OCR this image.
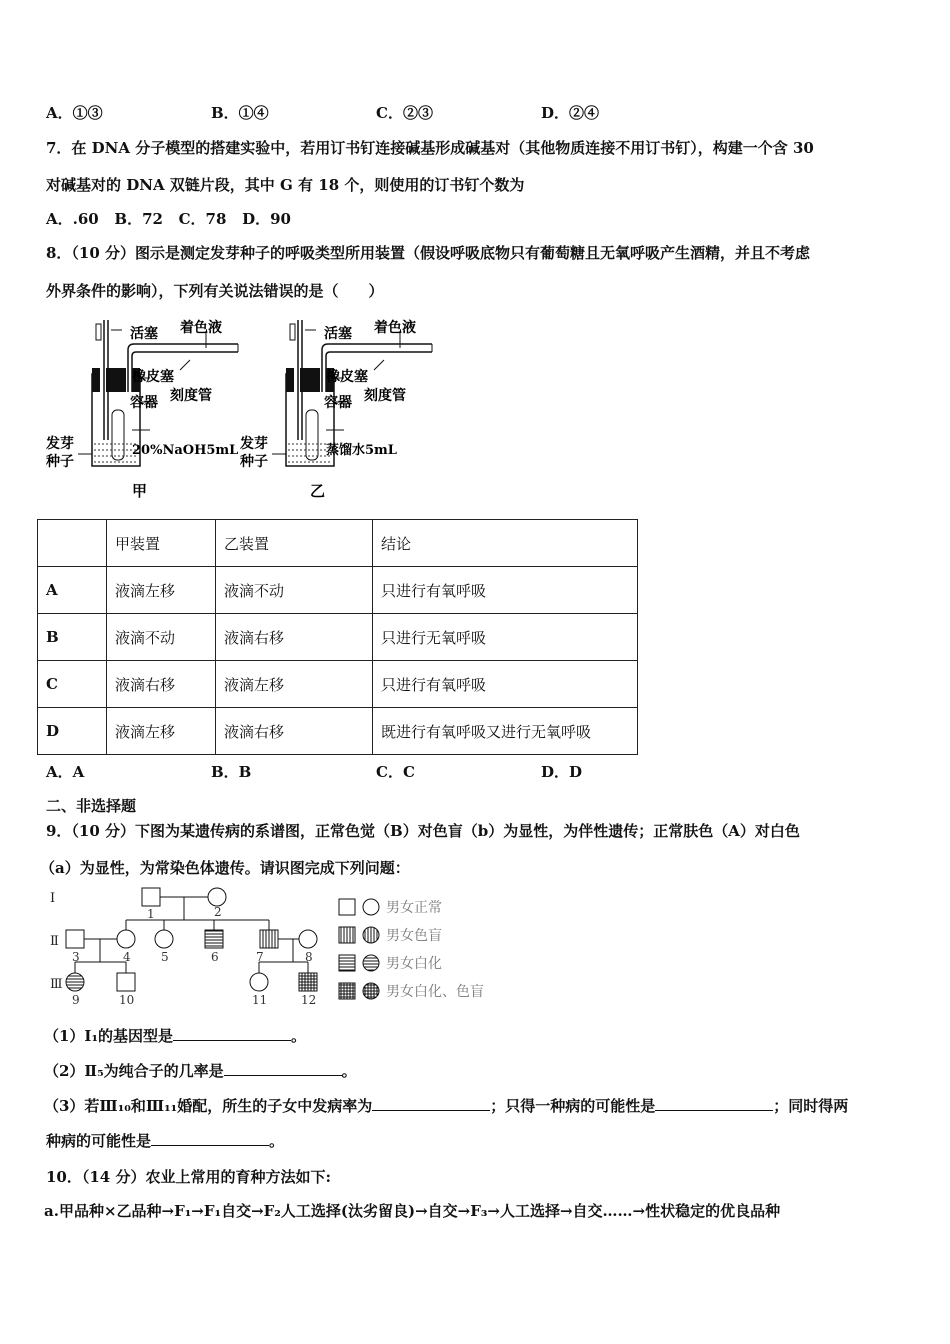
A．①③	B．①④	C．②③	D．②④
7．在 DNA 分子模型的搭建实验中，若用订书钉连接碱基形成碱基对（其他物质连接不用订书钉），构建一个含 30
对碱基对的 DNA 双链片段，其中 G 有 18 个，则使用的订书钉个数为
A．.60   B．72   C．78   D．90
8．（10 分）图示是测定发芽种子的呼吸类型所用装置（假设呼吸底物只有葡萄糖且无氧呼吸产生酒精，并且不考虑
外界条件的影响），下列有关说法错误的是（　　）
活塞 着色液
橡皮塞
刻度管
容器
20%NaOH5mL
发芽种子
甲
活塞 着色液
橡皮塞
刻度管
容器
蒸馏水5mL
发芽种子
乙
	甲装置	乙装置	结论
A	液滴左移	液滴不动	只进行有氧呼吸
B	液滴不动	液滴右移	只进行无氧呼吸
C	液滴右移	液滴左移	只进行有氧呼吸
D	液滴左移	液滴右移	既进行有氧呼吸又进行无氧呼吸
A．A	B．B	C．C	D．D
二、非选择题
9．（10 分）下图为某遗传病的系谱图，正常色觉（B）对色盲（b）为显性，为伴性遗传；正常肤色（A）对白色
（a）为显性，为常染色体遗传。请识图完成下列问题：
Ⅰ
Ⅱ
Ⅲ
1	2
3	4	5	6	7	8
9	10	11	12
男女正常
男女色盲
男女白化
男女白化、色盲
（1）Ⅰ₁的基因型是	。
（2）Ⅱ₅为纯合子的几率是	。
（3）若Ⅲ₁₀和Ⅲ₁₁婚配，所生的子女中发病率为	；只得一种病的可能性是	；同时得两
种病的可能性是	。
10．（14 分）农业上常用的育种方法如下:
a.甲品种×乙品种→F₁→F₁自交→F₂人工选择(汰劣留良)→自交→F₃→人工选择→自交……→性状稳定的优良品种
